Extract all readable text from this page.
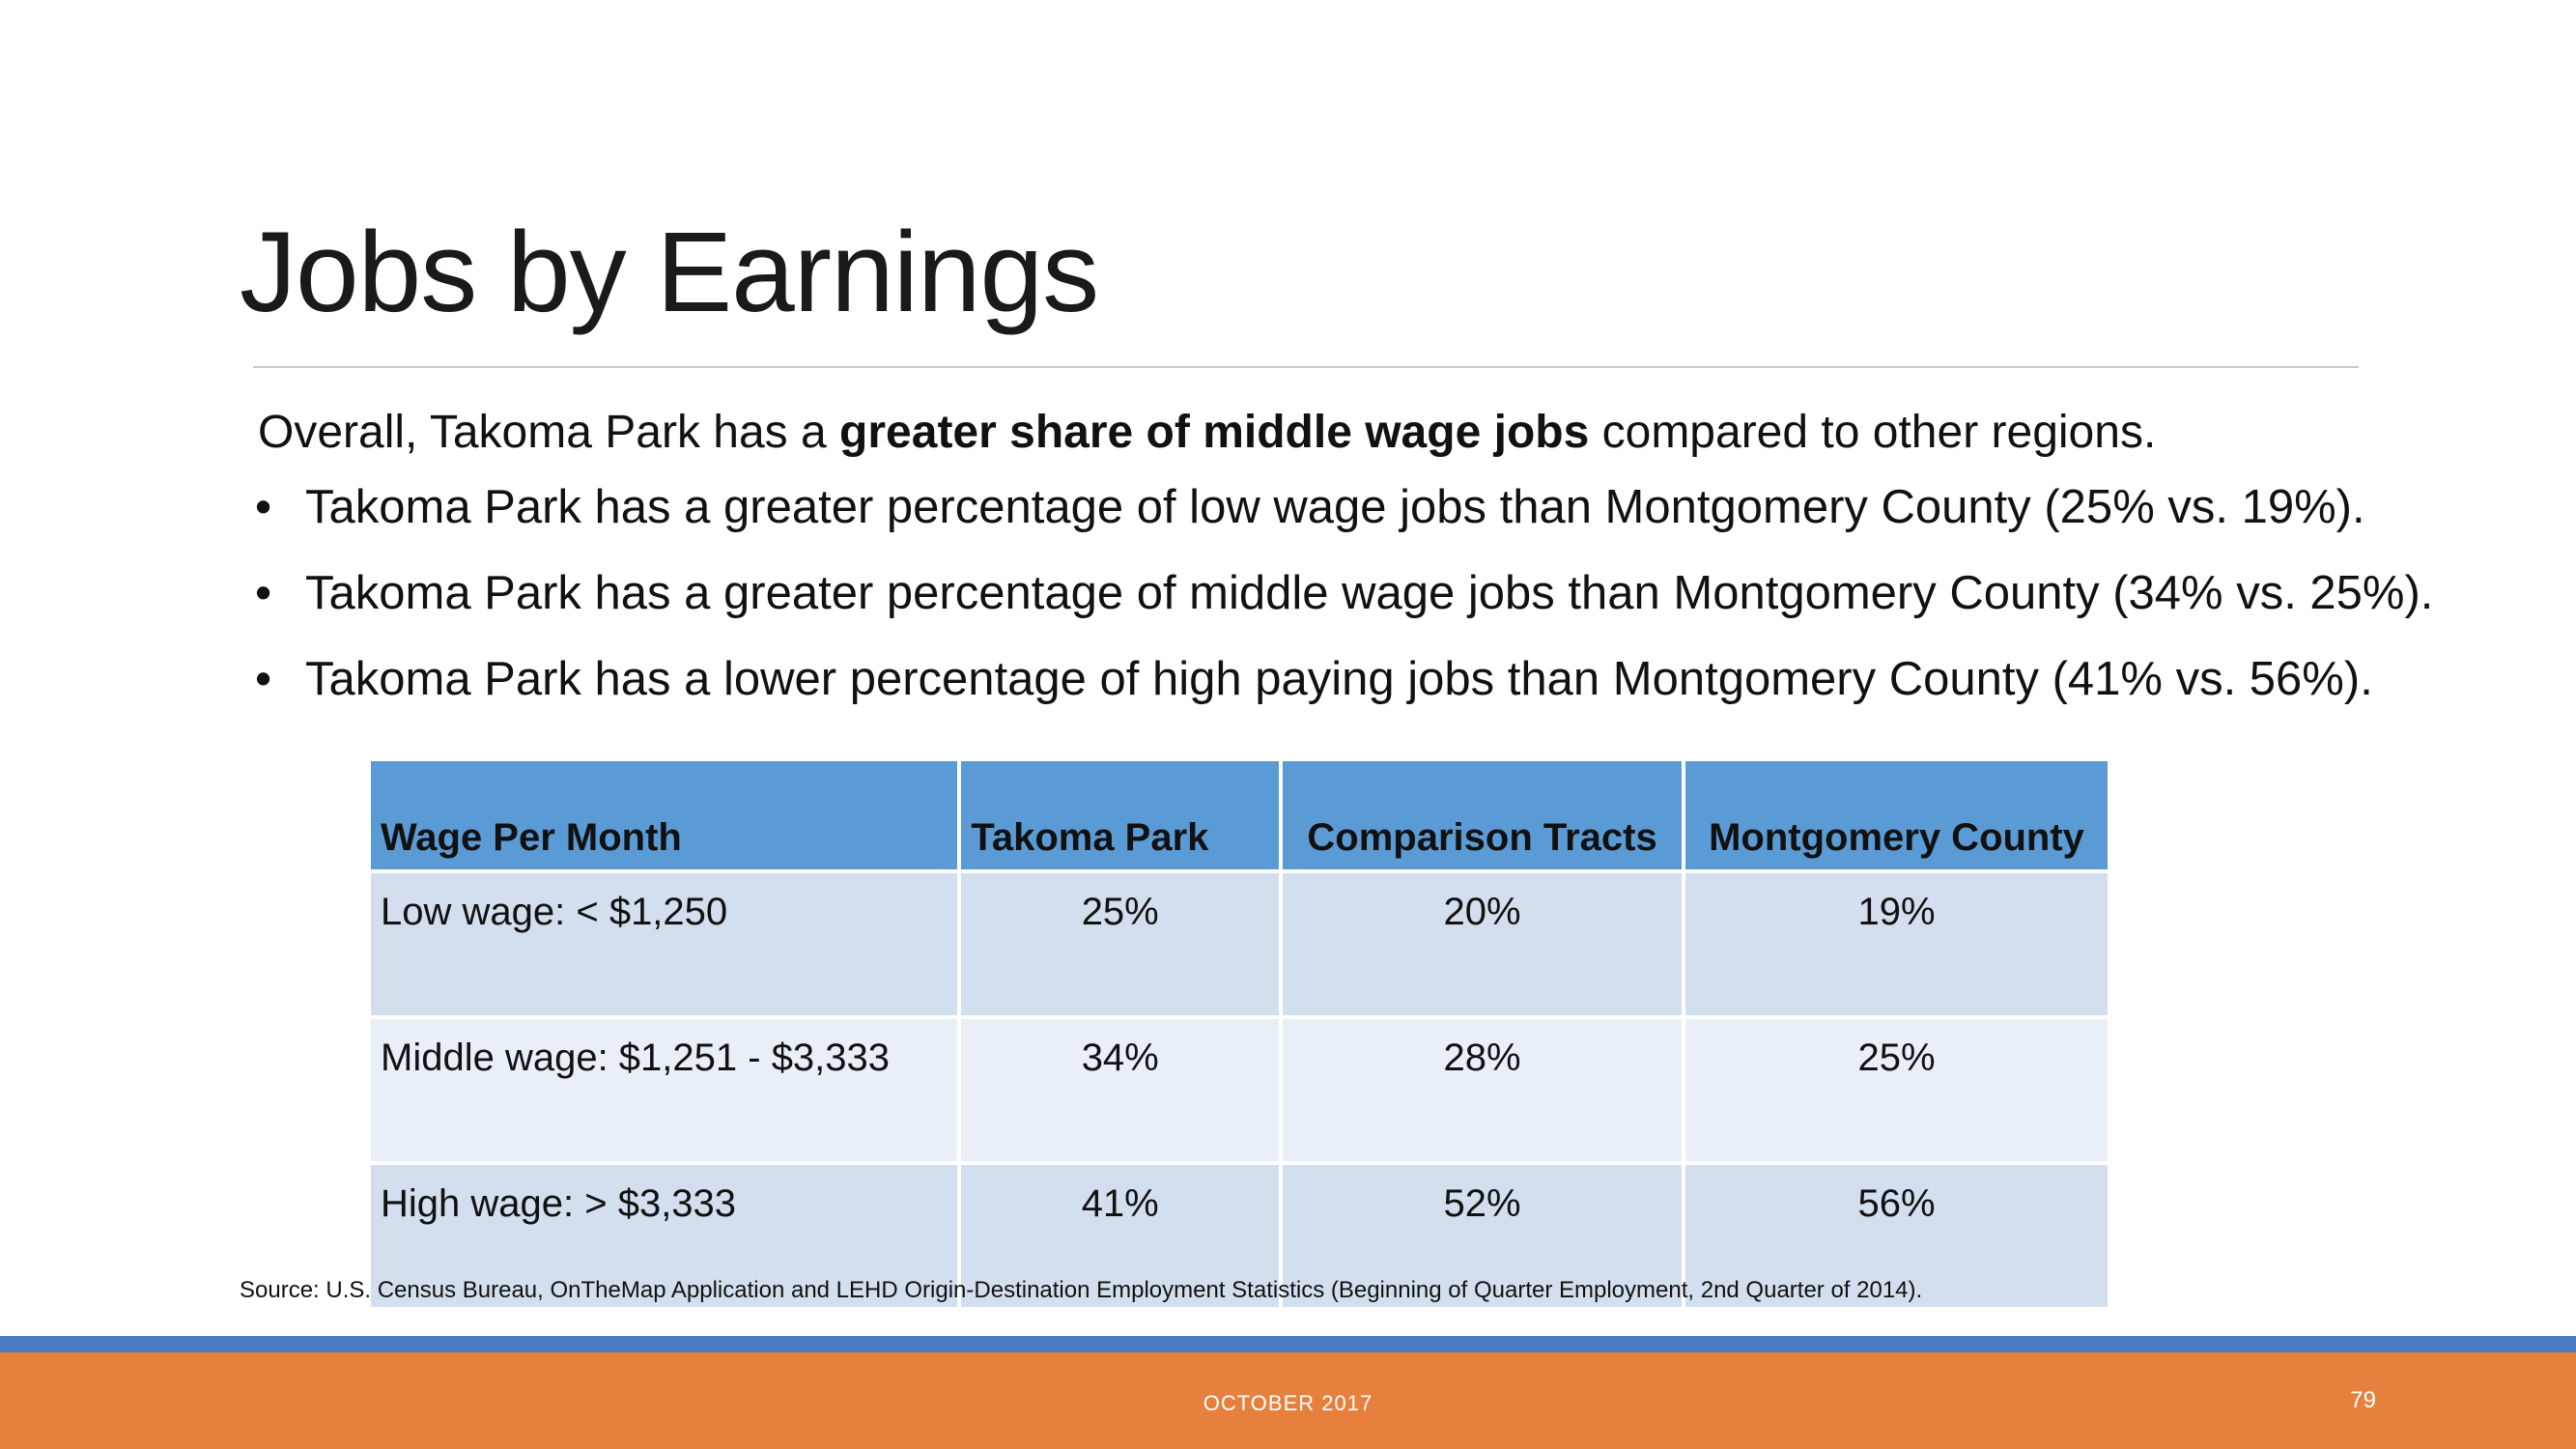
Jobs by Earnings
Overall, Takoma Park has a greater share of middle wage jobs compared to other regions.
• Takoma Park has a greater percentage of low wage jobs than Montgomery County (25% vs. 19%).
• Takoma Park has a greater percentage of middle wage jobs than Montgomery County (34% vs. 25%).
• Takoma Park has a lower percentage of high paying jobs than Montgomery County (41% vs. 56%).
Wage Per Month	Takoma Park	Comparison Tracts	Montgomery County
Low wage: < $1,250	25%	20%	19%
Middle wage: $1,251 - $3,333	34%	28%	25%
High wage: > $3,333	41%	52%	56%
Source: U.S. Census Bureau, OnTheMap Application and LEHD Origin-Destination Employment Statistics (Beginning of Quarter Employment, 2nd Quarter of 2014).
OCTOBER 2017	79
